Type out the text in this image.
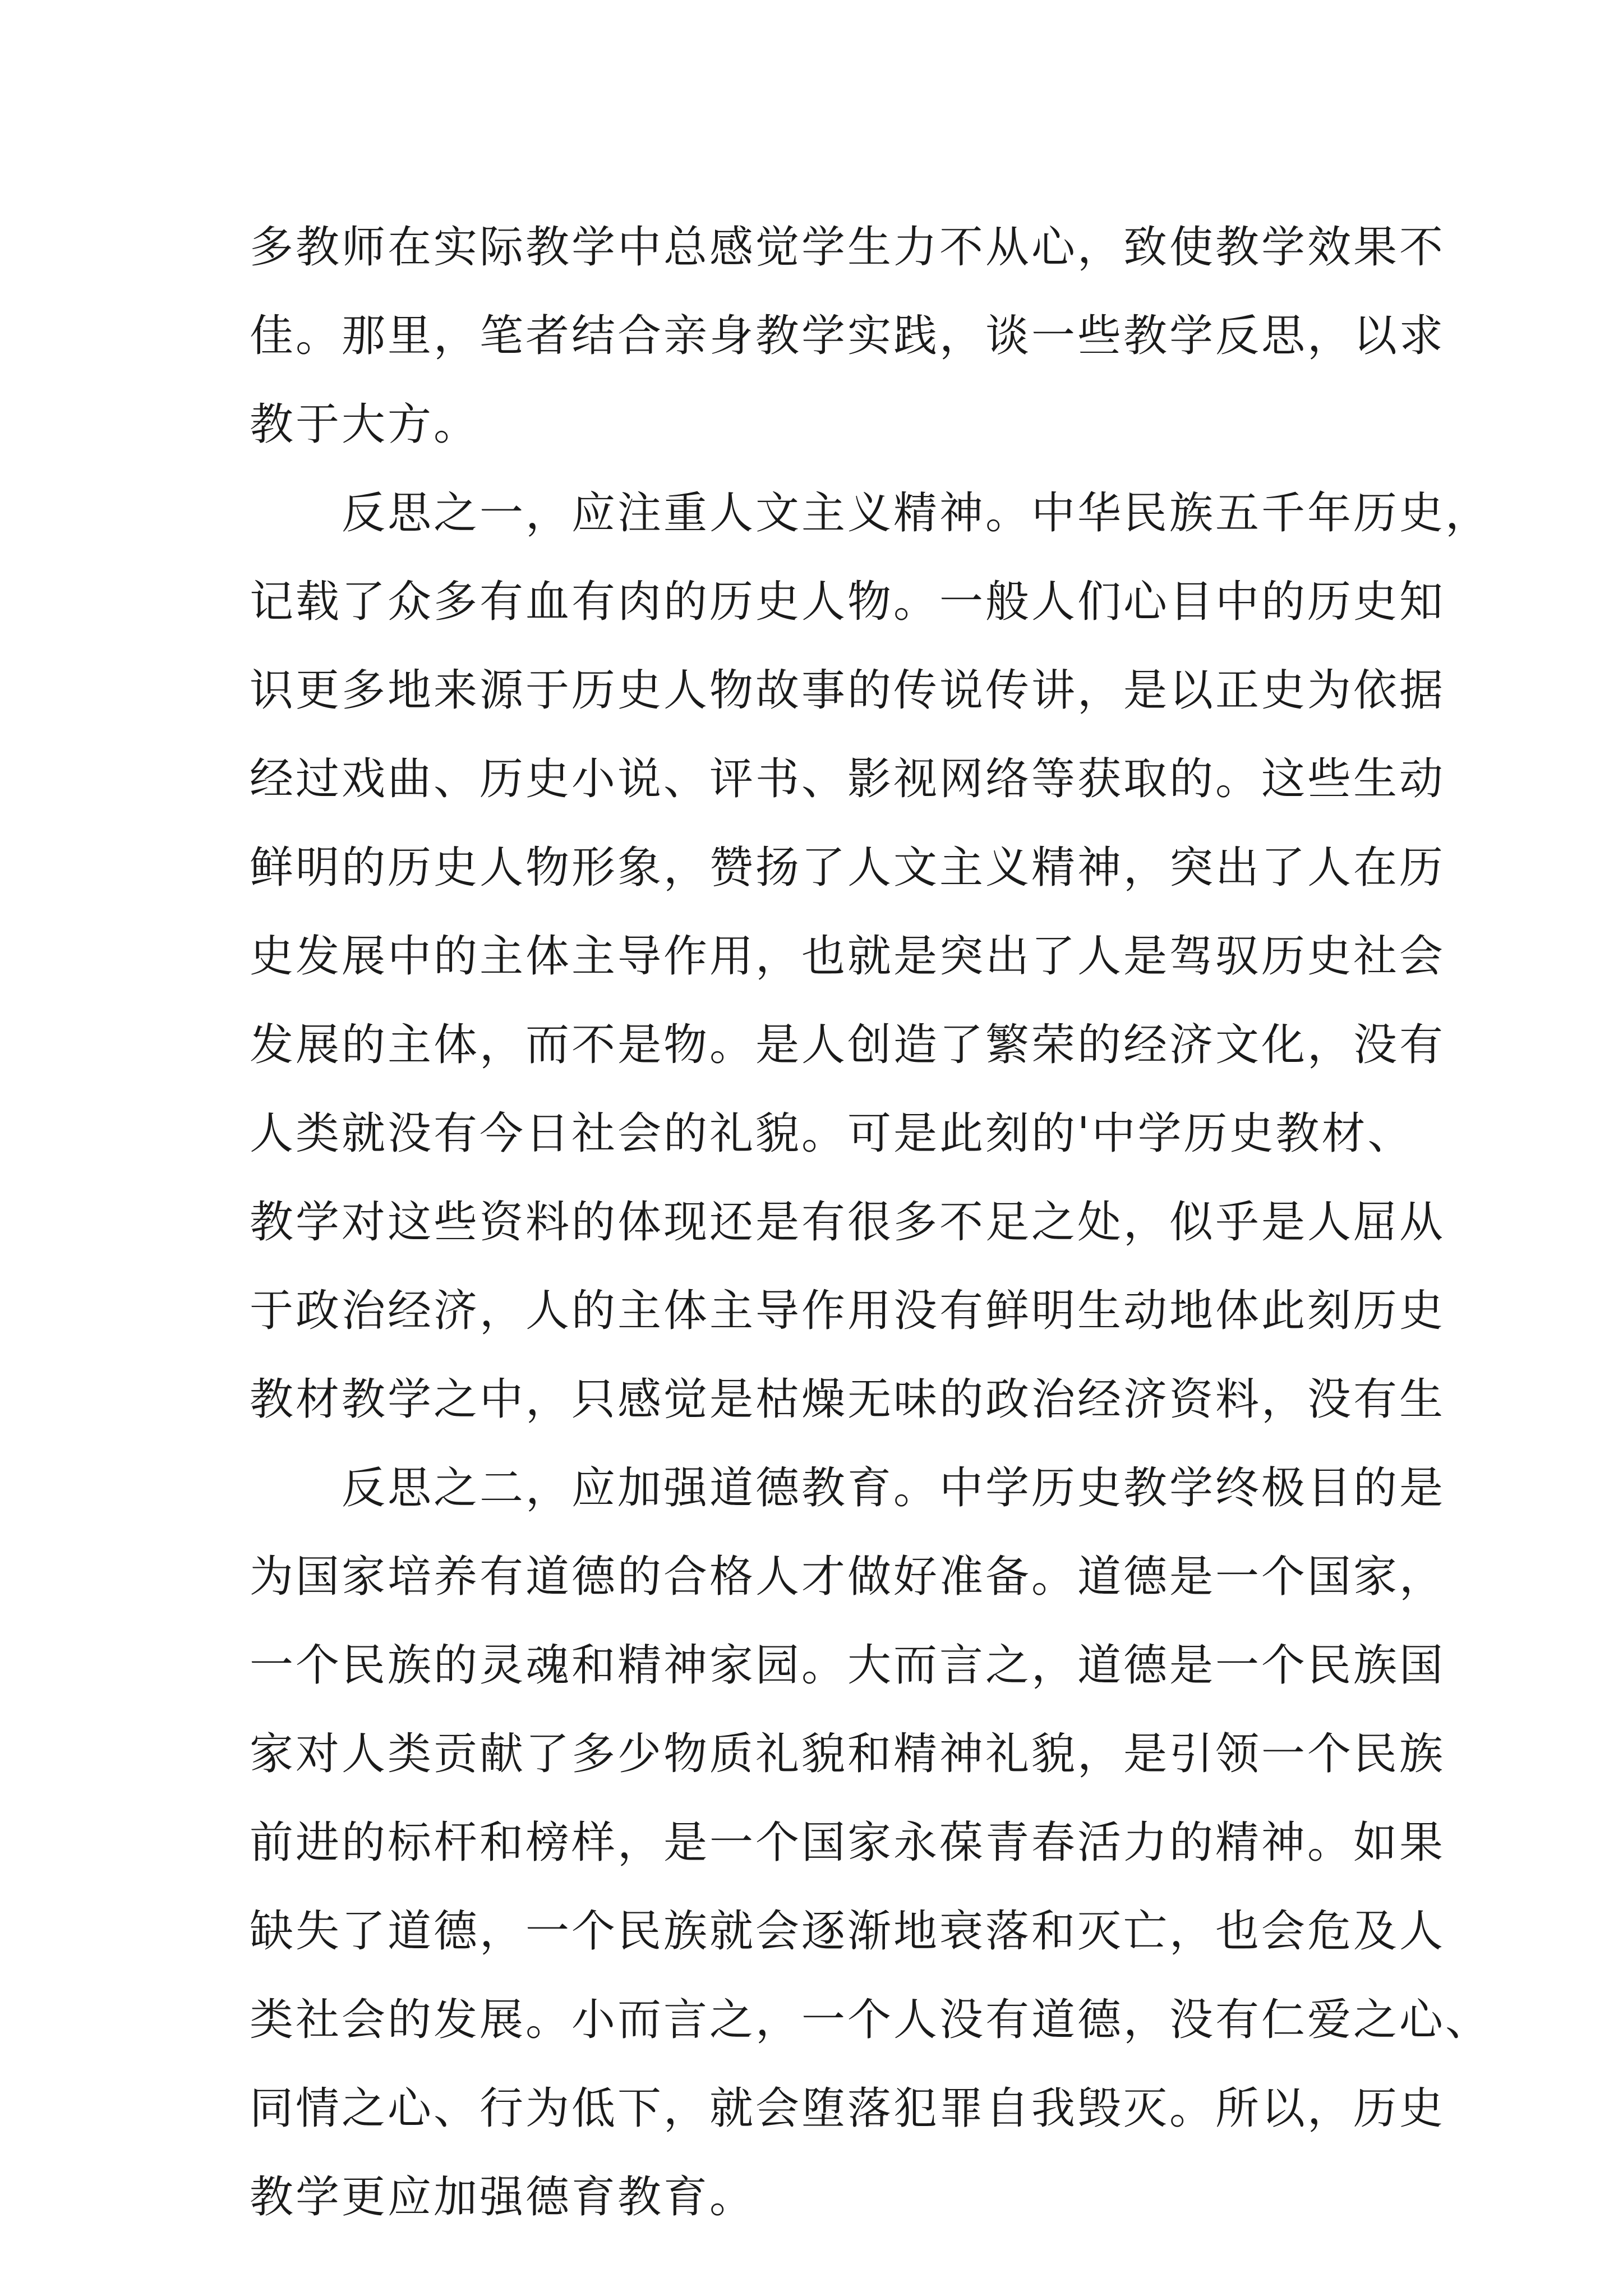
多教师在实际教学中总感觉学生力不从心，致使教学效果不
佳。那里，笔者结合亲身教学实践，谈一些教学反思，以求
教于大方。
　　反思之一，应注重人文主义精神。中华民族五千年历史，
记载了众多有血有肉的历史人物。一般人们心目中的历史知
识更多地来源于历史人物故事的传说传讲，是以正史为依据
经过戏曲、历史小说、评书、影视网络等获取的。这些生动
鲜明的历史人物形象，赞扬了人文主义精神，突出了人在历
史发展中的主体主导作用，也就是突出了人是驾驭历史社会
发展的主体，而不是物。是人创造了繁荣的经济文化，没有
人类就没有今日社会的礼貌。可是此刻的'中学历史教材、
教学对这些资料的体现还是有很多不足之处，似乎是人屈从
于政治经济，人的主体主导作用没有鲜明生动地体此刻历史
教材教学之中，只感觉是枯燥无味的政治经济资料，没有生
　　反思之二，应加强道德教育。中学历史教学终极目的是
为国家培养有道德的合格人才做好准备。道德是一个国家，
一个民族的灵魂和精神家园。大而言之，道德是一个民族国
家对人类贡献了多少物质礼貌和精神礼貌，是引领一个民族
前进的标杆和榜样，是一个国家永葆青春活力的精神。如果
缺失了道德，一个民族就会逐渐地衰落和灭亡，也会危及人
类社会的发展。小而言之，一个人没有道德，没有仁爱之心、
同情之心、行为低下，就会堕落犯罪自我毁灭。所以，历史
教学更应加强德育教育。
